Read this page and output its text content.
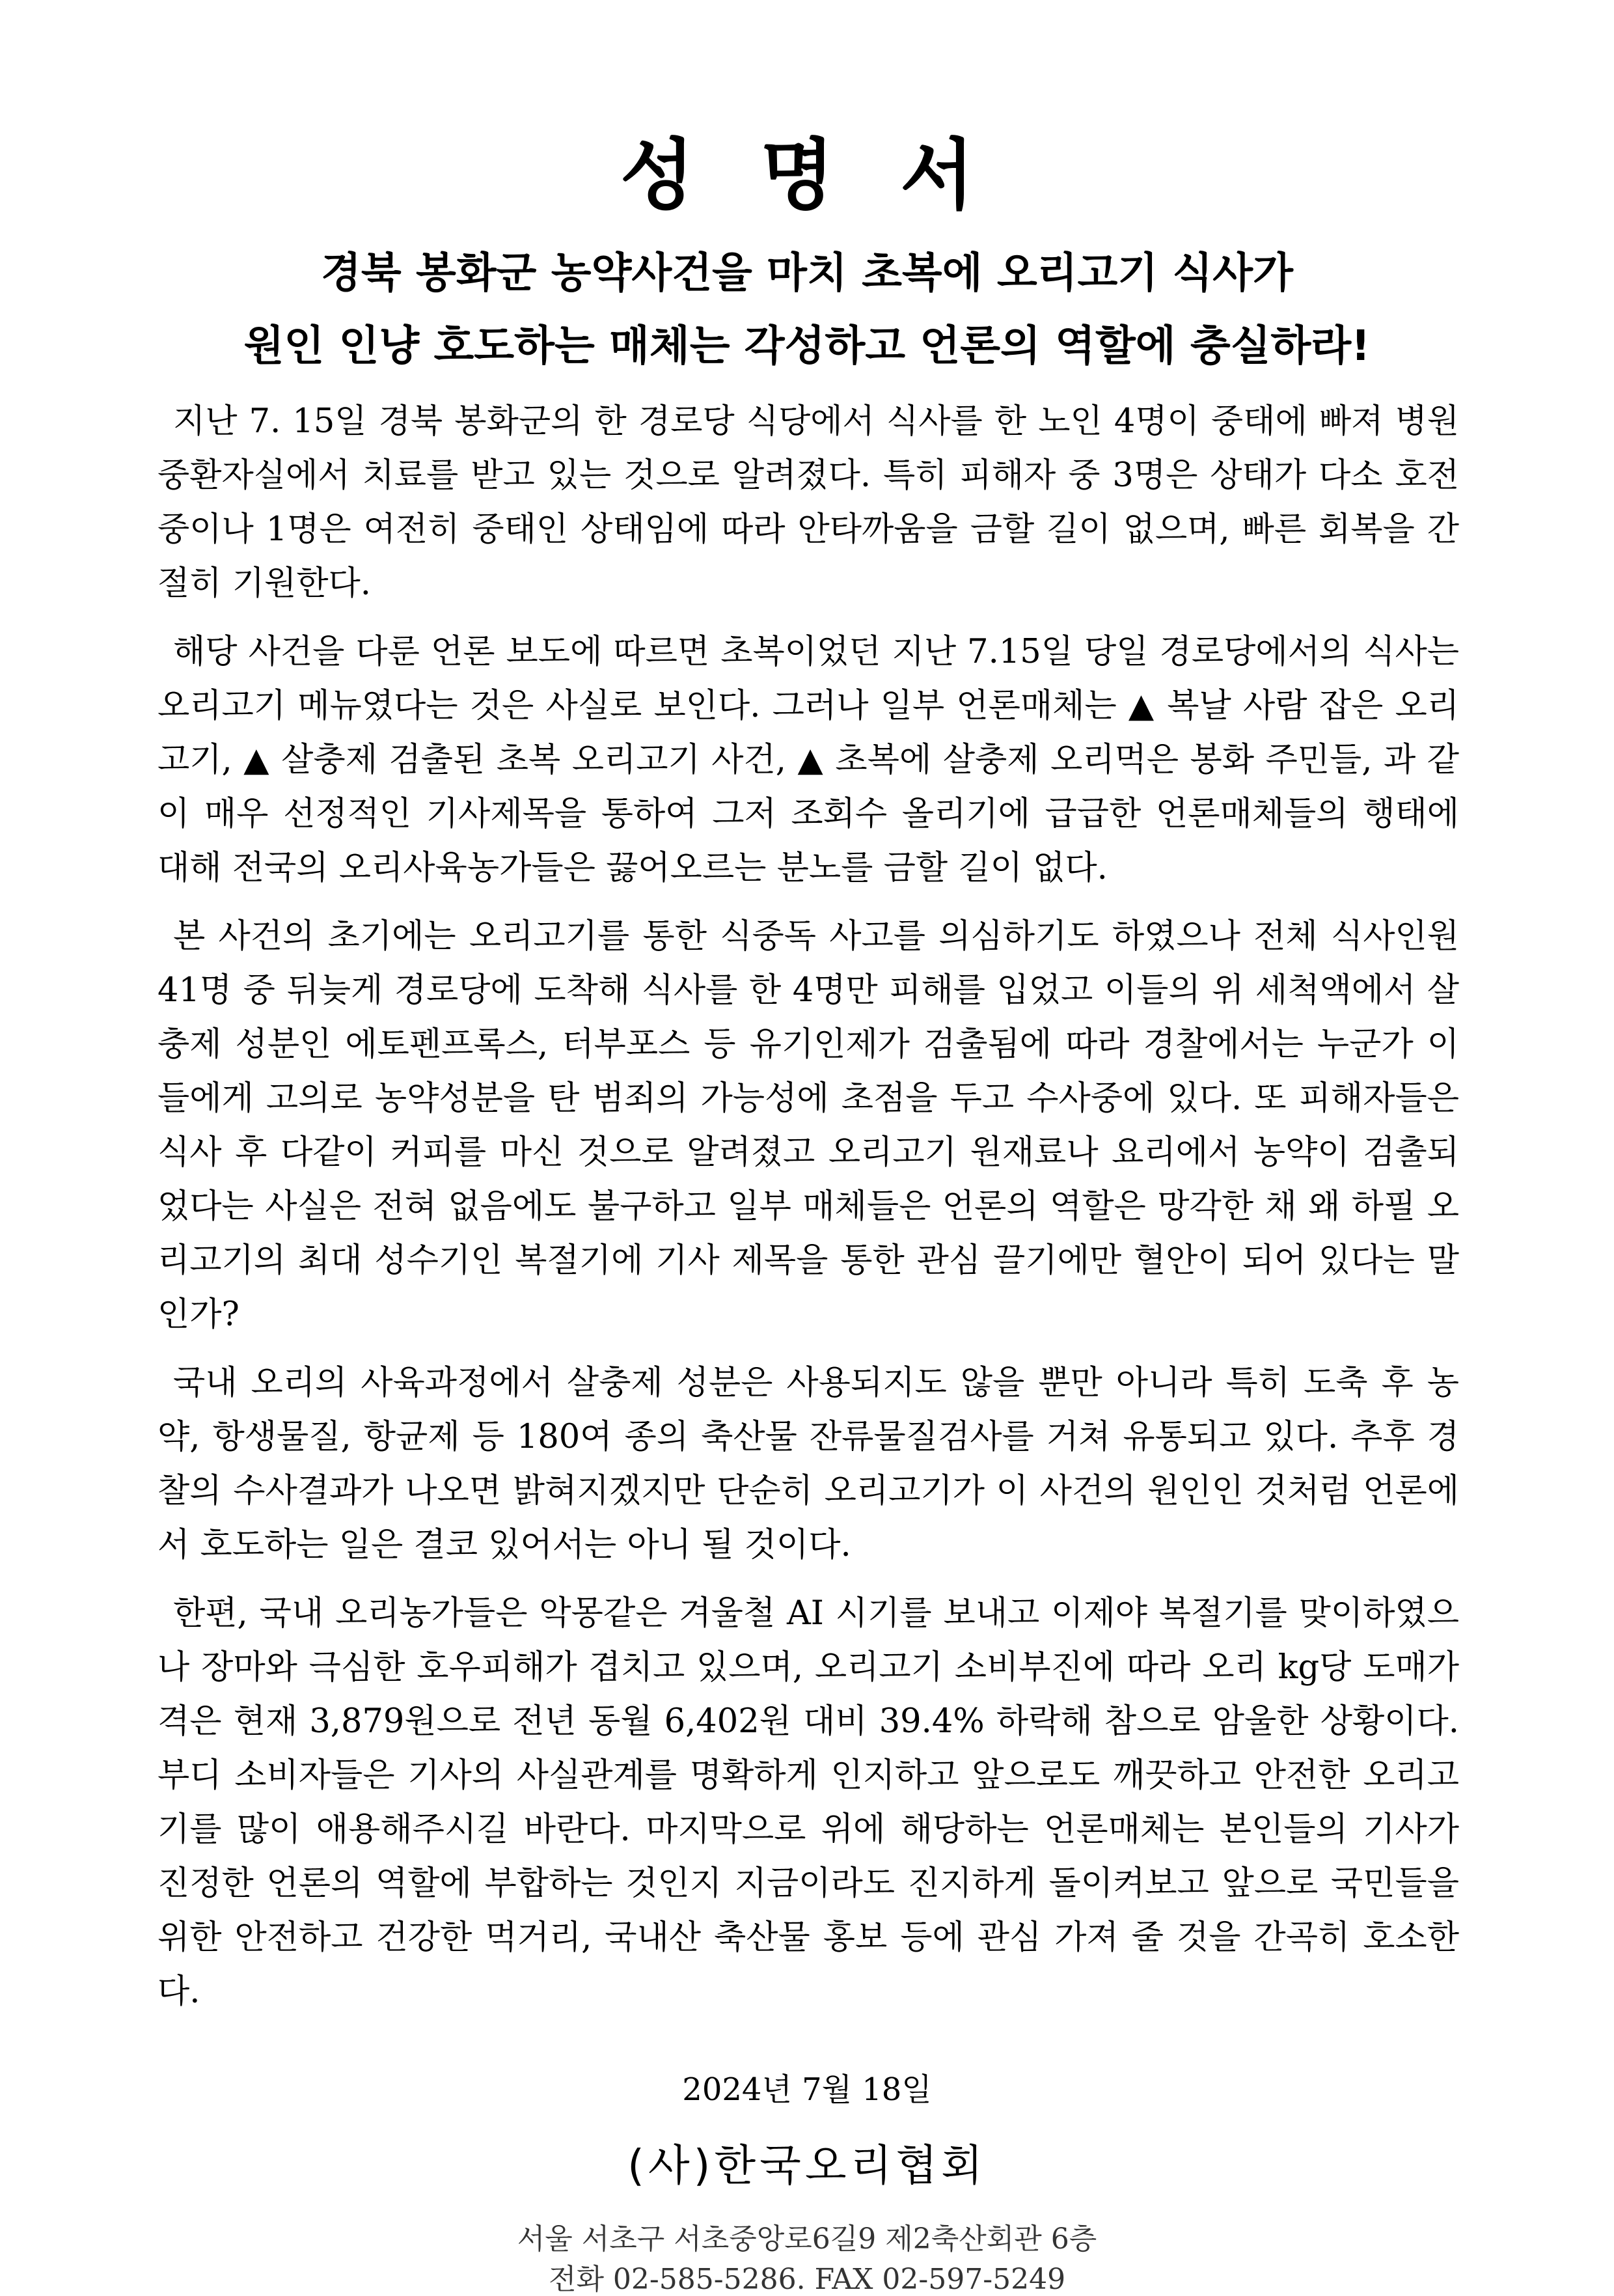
성 명 서
경북 봉화군 농약사건을 마치 초복에 오리고기 식사가
원인 인냥 호도하는 매체는 각성하고 언론의 역할에 충실하라!

지난 7. 15일 경북 봉화군의 한 경로당 식당에서 식사를 한 노인 4명이 중태에 빠져 병원 중환자실에서 치료를 받고 있는 것으로 알려졌다. 특히 피해자 중 3명은 상태가 다소 호전중이나 1명은 여전히 중태인 상태임에 따라 안타까움을 금할 길이 없으며, 빠른 회복을 간절히 기원한다.

해당 사건을 다룬 언론 보도에 따르면 초복이었던 지난 7.15일 당일 경로당에서의 식사는 오리고기 메뉴였다는 것은 사실로 보인다. 그러나 일부 언론매체는 ▲ 복날 사람 잡은 오리고기, ▲ 살충제 검출된 초복 오리고기 사건, ▲ 초복에 살충제 오리먹은 봉화 주민들, 과 같이 매우 선정적인 기사제목을 통하여 그저 조회수 올리기에 급급한 언론매체들의 행태에 대해 전국의 오리사육농가들은 끓어오르는 분노를 금할 길이 없다.

본 사건의 초기에는 오리고기를 통한 식중독 사고를 의심하기도 하였으나 전체 식사인원 41명 중 뒤늦게 경로당에 도착해 식사를 한 4명만 피해를 입었고 이들의 위 세척액에서 살충제 성분인 에토펜프록스, 터부포스 등 유기인제가 검출됨에 따라 경찰에서는 누군가 이들에게 고의로 농약성분을 탄 범죄의 가능성에 초점을 두고 수사중에 있다. 또 피해자들은 식사 후 다같이 커피를 마신 것으로 알려졌고 오리고기 원재료나 요리에서 농약이 검출되었다는 사실은 전혀 없음에도 불구하고 일부 매체들은 언론의 역할은 망각한 채 왜 하필 오리고기의 최대 성수기인 복절기에 기사 제목을 통한 관심 끌기에만 혈안이 되어 있다는 말인가?

국내 오리의 사육과정에서 살충제 성분은 사용되지도 않을 뿐만 아니라 특히 도축 후 농약, 항생물질, 항균제 등 180여 종의 축산물 잔류물질검사를 거쳐 유통되고 있다. 추후 경찰의 수사결과가 나오면 밝혀지겠지만 단순히 오리고기가 이 사건의 원인인 것처럼 언론에서 호도하는 일은 결코 있어서는 아니 될 것이다.

한편, 국내 오리농가들은 악몽같은 겨울철 AI 시기를 보내고 이제야 복절기를 맞이하였으나 장마와 극심한 호우피해가 겹치고 있으며, 오리고기 소비부진에 따라 오리 kg당 도매가격은 현재 3,879원으로 전년 동월 6,402원 대비 39.4% 하락해 참으로 암울한 상황이다. 부디 소비자들은 기사의 사실관계를 명확하게 인지하고 앞으로도 깨끗하고 안전한 오리고기를 많이 애용해주시길 바란다. 마지막으로 위에 해당하는 언론매체는 본인들의 기사가 진정한 언론의 역할에 부합하는 것인지 지금이라도 진지하게 돌이켜보고 앞으로 국민들을 위한 안전하고 건강한 먹거리, 국내산 축산물 홍보 등에 관심 가져 줄 것을 간곡히 호소한다.

2024년 7월 18일
(사)한국오리협회
서울 서초구 서초중앙로6길9 제2축산회관 6층
전화 02-585-5286. FAX 02-597-5249
